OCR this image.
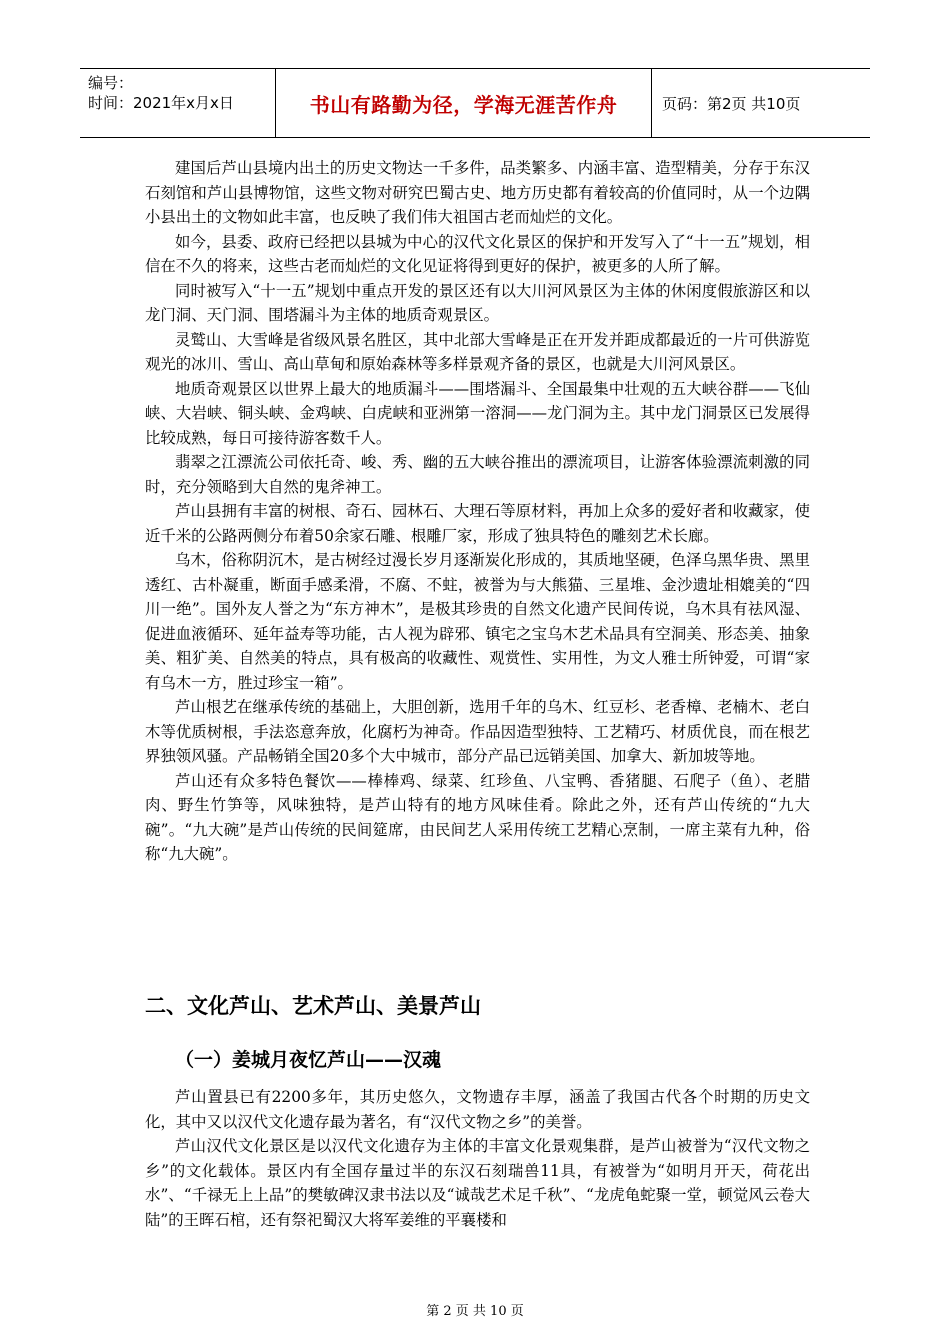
编号：
时间：2021年x月x日	书山有路勤为径，学海无涯苦作舟	页码：第2页 共10页

建国后芦山县境内出土的历史文物达一千多件，品类繁多、内涵丰富、造型精美，分存于东汉石刻馆和芦山县博物馆，这些文物对研究巴蜀古史、地方历史都有着较高的价值同时，从一个边隅小县出土的文物如此丰富，也反映了我们伟大祖国古老而灿烂的文化。

如今，县委、政府已经把以县城为中心的汉代文化景区的保护和开发写入了“十一五”规划，相信在不久的将来，这些古老而灿烂的文化见证将得到更好的保护，被更多的人所了解。

同时被写入“十一五”规划中重点开发的景区还有以大川河风景区为主体的休闲度假旅游区和以龙门洞、天门洞、围塔漏斗为主体的地质奇观景区。

灵鹫山、大雪峰是省级风景名胜区，其中北部大雪峰是正在开发并距成都最近的一片可供游览观光的冰川、雪山、高山草甸和原始森林等多样景观齐备的景区，也就是大川河风景区。

地质奇观景区以世界上最大的地质漏斗——围塔漏斗、全国最集中壮观的五大峡谷群——飞仙峡、大岩峡、铜头峡、金鸡峡、白虎峡和亚洲第一溶洞——龙门洞为主。其中龙门洞景区已发展得比较成熟，每日可接待游客数千人。

翡翠之江漂流公司依托奇、峻、秀、幽的五大峡谷推出的漂流项目，让游客体验漂流刺激的同时，充分领略到大自然的鬼斧神工。

芦山县拥有丰富的树根、奇石、园林石、大理石等原材料，再加上众多的爱好者和收藏家，使近千米的公路两侧分布着50余家石雕、根雕厂家，形成了独具特色的雕刻艺术长廊。

乌木，俗称阴沉木，是古树经过漫长岁月逐渐炭化形成的，其质地坚硬，色泽乌黑华贵、黑里透红、古朴凝重，断面手感柔滑，不腐、不蛀，被誉为与大熊猫、三星堆、金沙遗址相媲美的“四川一绝”。国外友人誉之为“东方神木”，是极其珍贵的自然文化遗产民间传说，乌木具有祛风湿、促进血液循环、延年益寿等功能，古人视为辟邪、镇宅之宝乌木艺术品具有空洞美、形态美、抽象美、粗犷美、自然美的特点，具有极高的收藏性、观赏性、实用性，为文人雅士所钟爱，可谓“家有乌木一方，胜过珍宝一箱”。

芦山根艺在继承传统的基础上，大胆创新，选用千年的乌木、红豆杉、老香樟、老楠木、老白木等优质树根，手法恣意奔放，化腐朽为神奇。作品因造型独特、工艺精巧、材质优良，而在根艺界独领风骚。产品畅销全国20多个大中城市，部分产品已远销美国、加拿大、新加坡等地。

芦山还有众多特色餐饮——棒棒鸡、绿菜、红珍鱼、八宝鸭、香猪腿、石爬子（鱼）、老腊肉、野生竹笋等，风味独特，是芦山特有的地方风味佳肴。除此之外，还有芦山传统的“九大碗”。“九大碗”是芦山传统的民间筵席，由民间艺人采用传统工艺精心烹制，一席主菜有九种，俗称“九大碗”。

二、文化芦山、艺术芦山、美景芦山
（一）姜城月夜忆芦山——汉魂

芦山置县已有2200多年，其历史悠久，文物遗存丰厚，涵盖了我国古代各个时期的历史文化，其中又以汉代文化遗存最为著名，有“汉代文物之乡”的美誉。

芦山汉代文化景区是以汉代文化遗存为主体的丰富文化景观集群，是芦山被誉为“汉代文物之乡”的文化载体。景区内有全国存量过半的东汉石刻瑞兽11具，有被誉为“如明月开天，荷花出水”、“千禄无上上品”的樊敏碑汉隶书法以及“诚哉艺术足千秋”、“龙虎龟蛇聚一堂，顿觉风云卷大陆”的王晖石棺，还有祭祀蜀汉大将军姜维的平襄楼和

第 2 页 共 10 页
